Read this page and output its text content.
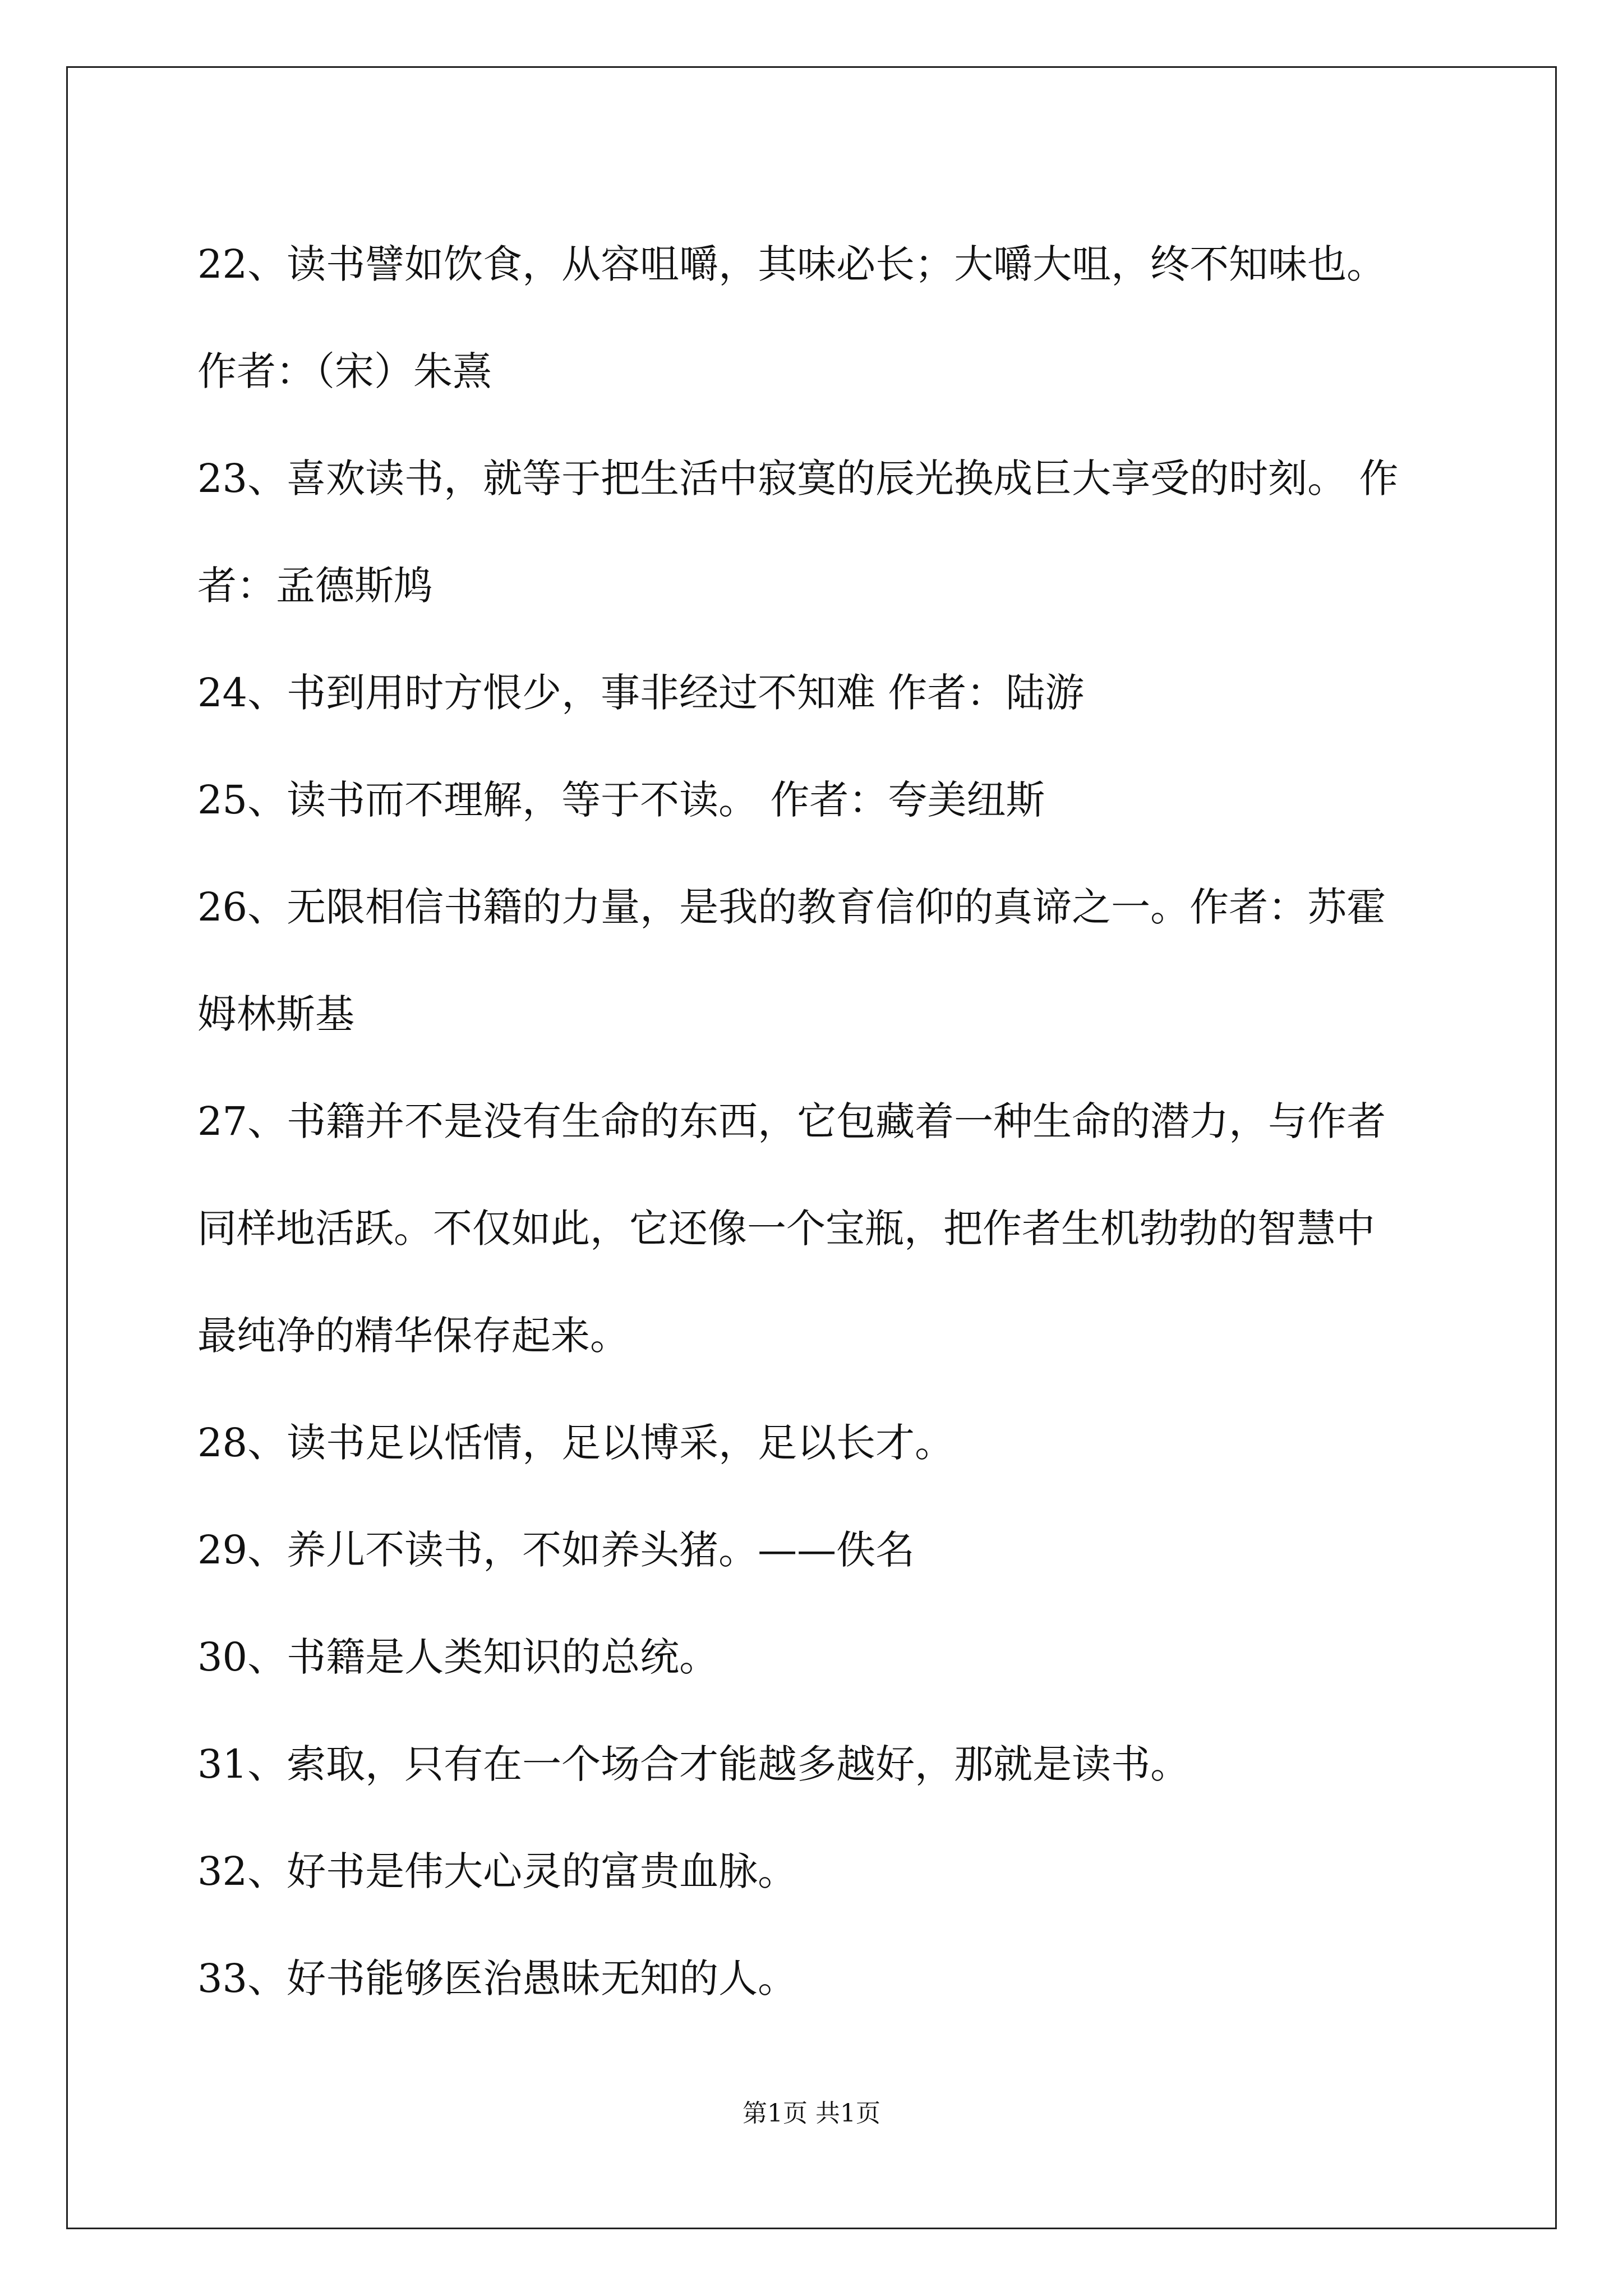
22、读书譬如饮食，从容咀嚼，其味必长；大嚼大咀，终不知味也。
作者：（宋）朱熹
23、喜欢读书，就等于把生活中寂寞的辰光换成巨大享受的时刻。 作
者：孟德斯鸠
24、书到用时方恨少，事非经过不知难 作者：陆游
25、读书而不理解，等于不读。 作者：夸美纽斯
26、无限相信书籍的力量，是我的教育信仰的真谛之一。作者：苏霍
姆林斯基
27、书籍并不是没有生命的东西，它包藏着一种生命的潜力，与作者
同样地活跃。不仅如此，它还像一个宝瓶，把作者生机勃勃的智慧中
最纯净的精华保存起来。
28、读书足以恬情，足以博采，足以长才。
29、养儿不读书，不如养头猪。——佚名
30、书籍是人类知识的总统。
31、索取，只有在一个场合才能越多越好，那就是读书。
32、好书是伟大心灵的富贵血脉。
33、好书能够医治愚昧无知的人。
第1页 共1页
